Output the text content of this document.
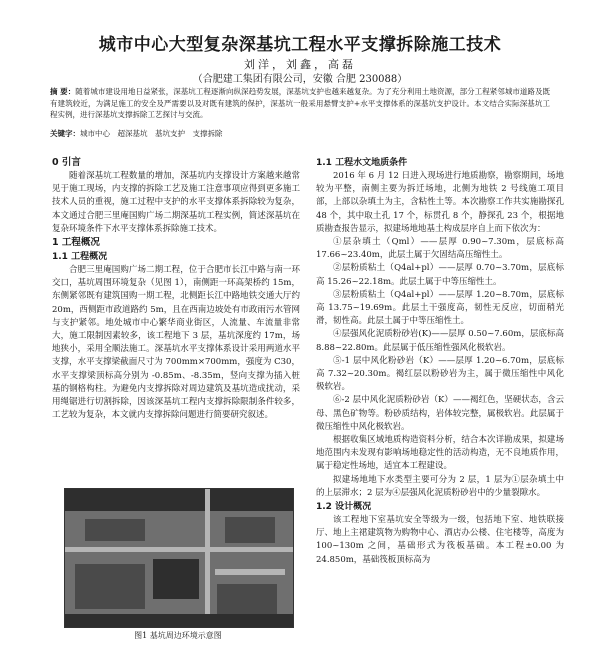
城市中心大型复杂深基坑工程水平支撑拆除施工技术
刘洋，刘鑫，高磊
（合肥建工集团有限公司，安徽 合肥 230088）
摘 要：随着城市建设用地日益紧张，深基坑工程逐渐向纵深趋势发展，深基坑支护也越来越复杂。为了充分利用土地资源，部分工程紧邻城市道路及既有建筑较近，为满足施工的安全及严需要以及对既有建筑的保护，深基坑一般采用悬臂支护+水平支撑体系的深基坑支护设计。本文结合实际深基坑工程实例，进行深基坑支撑拆除工艺探讨与交流。
关键字：城市中心　超深基坑　基坑支护　支撑拆除

0 引言

随着深基坑工程数量的增加，深基坑内支撑设计方案越来越常见于施工现场，内支撑的拆除工艺及施工注意事项应得到更多施工技术人员的重视，施工过程中支护的水平支撑体系拆除较为复杂，本文通过合肥三里庵国购广场二期深基坑工程实例，简述深基坑在复杂环境条件下水平支撑体系拆除施工技术。

1 工程概况

1.1 工程概况

合肥三里庵国购广场二期工程，位于合肥市长江中路与南一环交口，基坑周围环境复杂（见图 1），南侧距一环高架桥约 15m，东侧紧邻既有建筑国购一期工程，北侧距长江中路地铁交通大厅约 20m，西侧距市政道路约 5m，且在西南边坡处有市政雨污水管网与支护紧邻。地处城市中心繁华商业街区，人流量、车流量非常大，施工限制因素较多，该工程地下 3 层，基坑深度约 17m，场地狭小，采用全顺法施工。深基坑水平支撑体系设计采用两道水平支撑，水平支撑梁截面尺寸为 700mm×700mm，强度为 C30，水平支撑梁顶标高分别为 -0.85m、-8.35m，竖向支撑为插入桩基的钢格构柱。为避免内支撑拆除对周边建筑及基坑造成扰动，采用绳锯进行切割拆除，因该深基坑工程内支撑拆除限制条件较多，工艺较为复杂，本文就内支撑拆除问题进行简要研究叙述。

图1 基坑周边环境示意图

1.1 工程水文地质条件

2016 年 6 月 12 日进入现场进行地质勘察，勘察期间，场地较为平整，南侧主要为拆迁场地，北侧为地铁 2 号线施工项目部，上部以杂填土为主，含粘性土等。本次勘察工作共实施勘探孔 48 个，其中取土孔 17 个，标贯孔 8 个，静探孔 23 个，根据地质勘查报告显示，拟建场地地基土构成层序自上而下依次为：

①层杂填土（Qml）——层厚 0.90~7.30m，层底标高 17.66~23.40m，此层土属于欠固结高压缩性土。

②层粉质粘土（Q4al+pl）——层厚 0.70~3.70m，层底标高 15.26~22.18m。此层土属于中等压缩性土。

③层粉质粘土（Q4al+pl）——层厚 1.20~8.70m，层底标高 13.75~19.69m。此层土干强度高，韧性无反应，切面稍光滑，韧性高。此层土属于中等压缩性土。

④层强风化泥质粉砂岩(K)——层厚 0.50~7.60m，层底标高 8.88~22.80m。此层属于低压缩性强风化极软岩。

⑤-1 层中风化粉砂岩（K）——层厚 1.20~6.70m，层底标高 7.32~20.30m。褐红层以粉砂岩为主，属于微压缩性中风化极软岩。

⑥-2 层中风化泥质粉砂岩（K）——褐红色，坚硬状态，含云母、黑色矿物等。粉砂质结构，岩体较完整，属极软岩。此层属于微压缩性中风化极软岩。

根据收集区域地质构造资料分析，结合本次详勘成果，拟建场地范围内未发现有影响场地稳定性的活动构造，无不良地质作用，属于稳定性场地，适宜本工程建设。

拟建场地地下水类型主要可分为 2 层，1 层为①层杂填土中的上层滞水；2 层为④层强风化泥质粉砂岩中的少量裂隙水。

1.2 设计概况

该工程地下室基坑安全等级为一级，包括地下室、地铁联接厅、地上主裙建筑物为购物中心、酒店办公楼、住宅楼等，高度为 100~130m 之间，基础形式为筏板基础。本工程±0.00 为 24.850m，基础筏板顶标高为
